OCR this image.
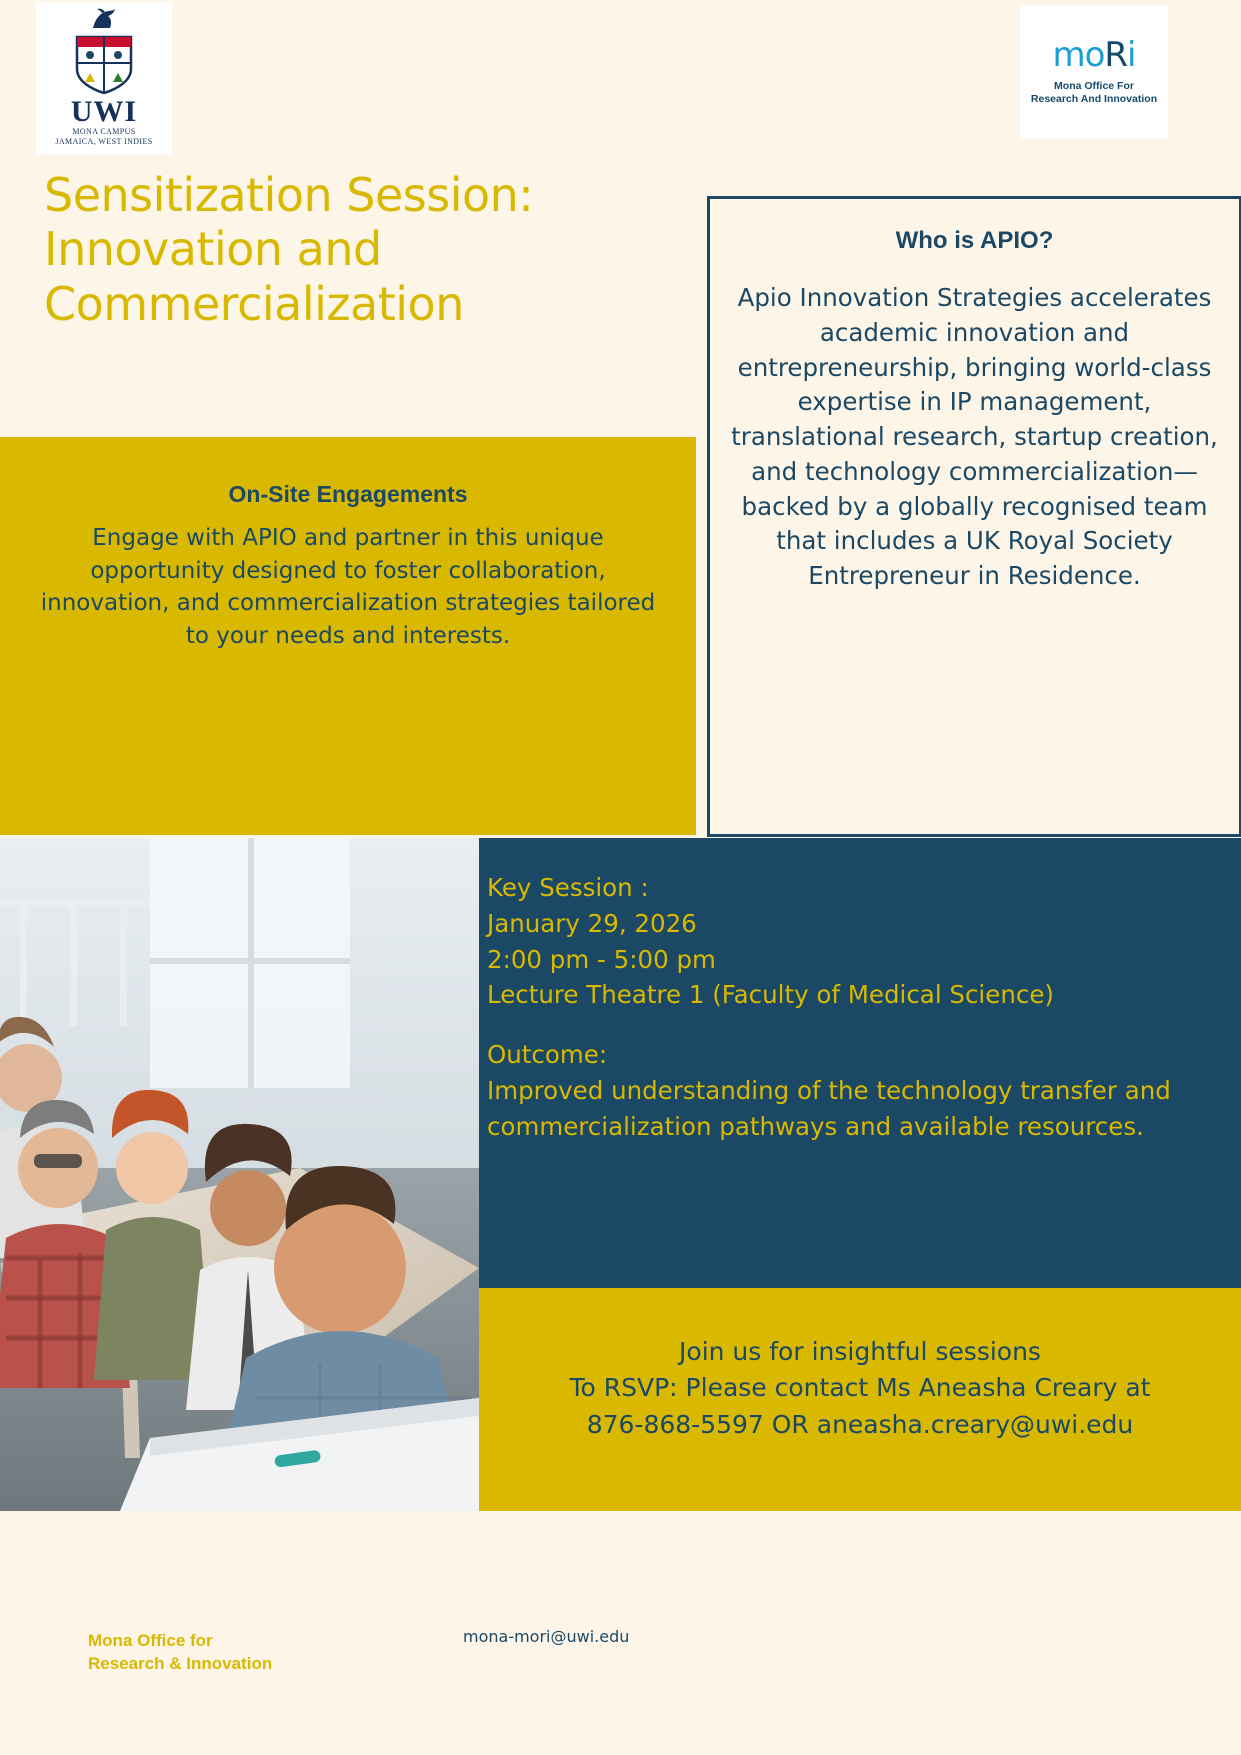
UWI
MONA CAMPUS
JAMAICA, WEST INDIES
moRi
Mona Office For
Research And Innovation
Sensitization Session: Innovation and Commercialization
On-Site Engagements

Engage with APIO and partner in this unique opportunity designed to foster collaboration, innovation, and commercialization strategies tailored to your needs and interests.

Who is APIO?

Apio Innovation Strategies accelerates academic innovation and entrepreneurship, bringing world-class expertise in IP management, translational research, startup creation, and technology commercialization—backed by a globally recognised team that includes a UK Royal Society Entrepreneur in Residence.

Key Session :

January 29, 2026

2:00 pm - 5:00 pm

Lecture Theatre 1 (Faculty of Medical Science)

Outcome:

Improved understanding of the technology transfer and commercialization pathways and available resources.

Join us for insightful sessions

To RSVP: Please contact Ms Aneasha Creary at

876-868-5597 OR aneasha.creary@uwi.edu

Mona Office for
Research & Innovation
mona-mori@uwi.edu
